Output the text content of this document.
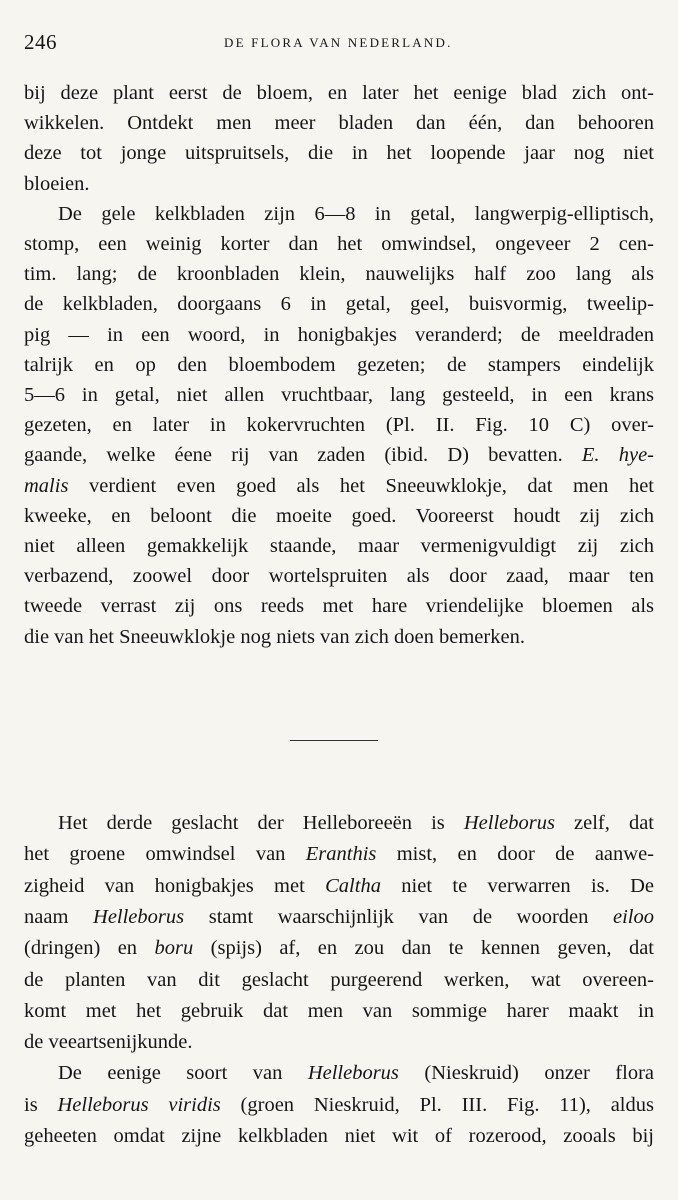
246	DE FLORA VAN NEDERLAND.
bij deze plant eerst de bloem, en later het eenige blad zich ont-
wikkelen. Ontdekt men meer bladen dan één, dan behooren
deze tot jonge uitspruitsels, die in het loopende jaar nog niet
bloeien.
De gele kelkbladen zijn 6—8 in getal, langwerpig-elliptisch,
stomp, een weinig korter dan het omwindsel, ongeveer 2 cen-
tim. lang; de kroonbladen klein, nauwelijks half zoo lang als
de kelkbladen, doorgaans 6 in getal, geel, buisvormig, tweelip-
pig — in een woord, in honigbakjes veranderd; de meeldraden
talrijk en op den bloembodem gezeten; de stampers eindelijk
5—6 in getal, niet allen vruchtbaar, lang gesteeld, in een krans
gezeten, en later in kokervruchten (Pl. II. Fig. 10 C) over-
gaande, welke éene rij van zaden (ibid. D) bevatten. E. hye-
malis verdient even goed als het Sneeuwklokje, dat men het
kweeke, en beloont die moeite goed. Vooreerst houdt zij zich
niet alleen gemakkelijk staande, maar vermenigvuldigt zij zich
verbazend, zoowel door wortelspruiten als door zaad, maar ten
tweede verrast zij ons reeds met hare vriendelijke bloemen als
die van het Sneeuwklokje nog niets van zich doen bemerken.
Het derde geslacht der Helleboreeën is Helleborus zelf, dat
het groene omwindsel van Eranthis mist, en door de aanwe-
zigheid van honigbakjes met Caltha niet te verwarren is. De
naam Helleborus stamt waarschijnlijk van de woorden eiloo
(dringen) en boru (spijs) af, en zou dan te kennen geven, dat
de planten van dit geslacht purgeerend werken, wat overeen-
komt met het gebruik dat men van sommige harer maakt in
de veeartsenijkunde.
De eenige soort van Helleborus (Nieskruid) onzer flora
is Helleborus viridis (groen Nieskruid, Pl. III. Fig. 11), aldus
geheeten omdat zijne kelkbladen niet wit of rozerood, zooals bij
